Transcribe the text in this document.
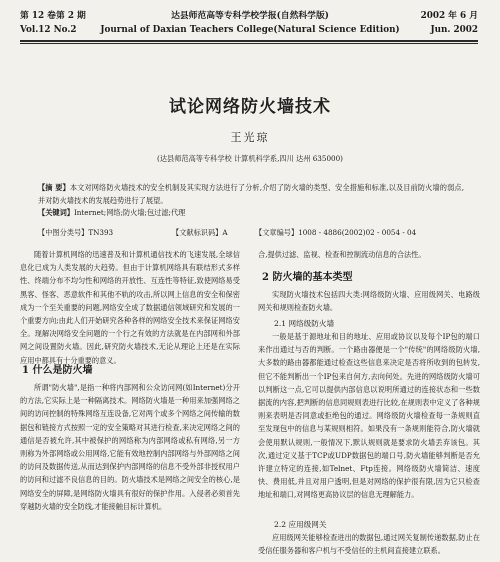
第 12 卷第 2 期	达县师范高等专科学校学报(自然科学版)	2002 年 6 月
Vol.12 No.2	Journal of Daxian Teachers College(Natural Science Edition)	Jun. 2002
试论网络防火墙技术
王光琼
(达县师范高等专科学校 计算机科学系,四川 达州 635000)
【摘 要】本文对网络防火墙技术的安全机制及其实现方法进行了分析,介绍了防火墙的类型、安全措施和标准,以及目前防火墙的弱点,并对防火墙技术的发展趋势进行了展望。
【关键词】Internet;网络;防火墙;包过滤;代理
【中图分类号】TN393	【文献标识码】A	【文章编号】1008 - 4886(2002)02 - 0054 - 04

随着计算机网络的迅速普及和计算机通信技术的飞速发展,全球信息化已成为人类发展的大趋势。但由于计算机网络具有联结形式多样性、终端分布不均匀性和网络的开放性、互连性等特征,致使网络易受黑客、怪客、恶意软件和其他不轨的攻击,所以网上信息的安全和保密成为一个至关重要的问题,网络安全成了数据通信领域研究和发展的一个重要方向;由此人们开始研究各种各样的网络安全技术来保证网络安全。现解决网络安全问题的一个行之有效的方法就是在内部网和外部网之间设置防火墙。因此,研究防火墙技术,无论从理论上还是在实际应用中都具有十分重要的意义。

1 什么是防火墙

所谓"防火墙",是指一种将内部网和公众访问网(如Internet)分开的方法,它实际上是一种隔离技术。网络防火墙是一种用来加强网络之间的访问控制的特殊网络互连设备,它对两个或多个网络之间传输的数据包和链接方式按照一定的安全策略对其进行检查,来决定网络之间的通信是否被允许,其中被保护的网络称为内部网络或私有网络,另一方则称为外部网络或公用网络,它能有效地控制内部网络与外部网络之间的访问及数据传送,从而达到保护内部网络的信息不受外部非授权用户的访问和过滤不良信息的目的。防火墙技术是网络之间安全的核心,是网络安全的屏障,是网络防火墙具有很好的保护作用。入侵者必须首先穿越防火墙的安全防线,才能接触目标计算机。

合,提供过滤、监视、检查和控制流动信息的合法性。

2 防火墙的基本类型

实现防火墙技术包括四大类:网络级防火墙、应用级网关、电路级网关和规则检查防火墙。

2.1 网络级防火墙

一般是基于源地址和目的地址、应用或协议以及每个IP包的端口来作出通过与否的判断。一个路由器便是一个"传统"的网络级防火墙,大多数的路由器都能通过检查这些信息来决定是否将所收到的包转发,但它不能判断出一个IP包来自何方,去向何处。先进的网络级防火墙可以判断这一点,它可以提供内部信息以说明所通过的连接状态和一些数据流的内容,把判断的信息同规则表进行比较,在规则表中定义了各种规则来表明是否同意或拒绝包的通过。网络级防火墙检查每一条规则直至发现包中的信息与某规则相符。如果没有一条规则能符合,防火墙就会使用默认规则,一般情况下,默认规则就是要求防火墙丢弃该包。其次,通过定义基于TCP或UDP数据包的端口号,防火墙能够判断是否允许建立特定的连接,如Telnet、Ftp连接。网络级防火墙简洁、速度快、费用低,并且对用户透明,但是对网络的保护很有限,因为它只检查地址和端口,对网络更高协议层的信息无理解能力。

2.2 应用级网关

应用级网关能够检查进出的数据包,通过网关复制传递数据,防止在受信任服务器和客户机与不受信任的主机间直接建立联系。
